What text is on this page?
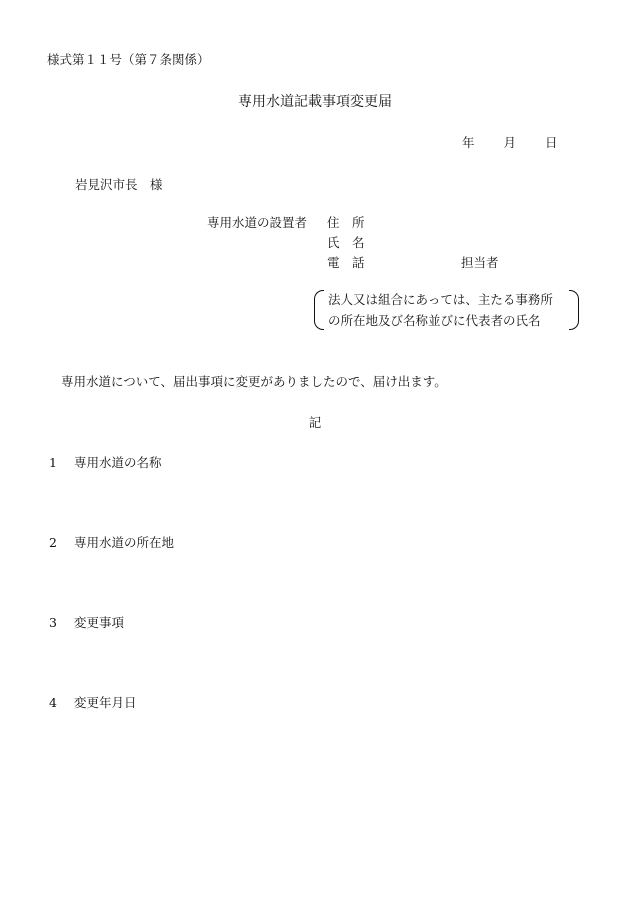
様式第１１号（第７条関係）
専用水道記載事項変更届
年 月 日
岩見沢市長　様
専用水道の設置者 住　所
氏　名
電　話	担当者
法人又は組合にあっては、主たる事務所
の所在地及び名称並びに代表者の氏名
専用水道について、届出事項に変更がありましたので、届け出ます。
記
1 専用水道の名称
2 専用水道の所在地
3 変更事項
4 変更年月日
